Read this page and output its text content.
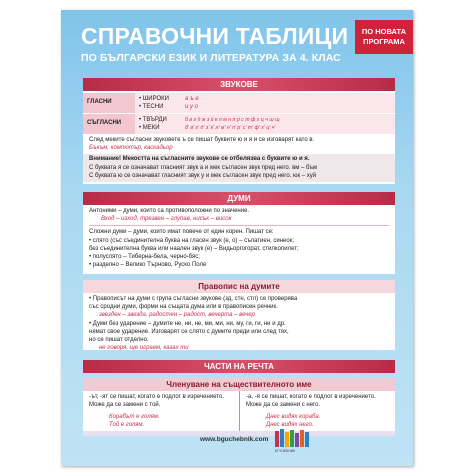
СПРАВОЧНИ ТАБЛИЦИ
ПО БЪЛГАРСКИ ЕЗИК И ЛИТЕРАТУРА ЗА 4. КЛАС
ПО НОВАТА
ПРОГРАМА
ЗВУКОВЕ
ГЛАСНИ	• ШИРОКИ
• ТЕСНИ
а ъ е
и у о
СЪГЛАСНИ	• ТВЪРДИ
• МЕКИ
б в г д ж з й к л м н п р с т ф х ц ч ш щ
б' в' г' д' з' к' л' м' н' п' р' с' т' ф' х' ц' ч'
След меките съгласни звуковете ъ се пишат буквите ю и я и се изговарят като в.
Бъкъм, компютър, каскадьор
Внимание! Мекостта на съгласните звукове се отбелязва с буквите ю и я.
С буквата я се означават гласният звук а и мек съгласен звук пред него. вм – бъм
С буквата ю се означават гласният звук у и мек съгласен звук пред него. юк – хуй
ДУМИ
Антоними – думи, които са противоположни по значение.
Вход – изход, трезвен – глупав, нисък – висок
Сложни думи – думи, които имат повече от един корен. Пишат се:
• слято (със съединителна буква на гласен звук (е, о) – съпатиен, синеок;
без съединителна буква или наален звук (е) – Видьоргогорат, стилкопилет;
• полуслято – Тиберна-бела, черно-бяс;
• разделно – Велико Търново, Руско Поле
Правопис на думите
• Правописът на думи с група съгласни звукове (зд, стн, стл) се проверява
със сродни думи, форми на същата дума или в правописен речник.
звезден – звезда, радостен – радост, вечерта – вечер
• Думи без ударение – думите не, ни, не, ми, ми, ни, му, ги, ги, ни и др.
нямат свое ударение. Изговарят се слято с думите преди или след тях,
но се пишат отделно.
не говоря, ще играем, казах ти
ЧАСТИ НА РЕЧТА
Членуване на съществителното име
-ът, -ят се пишат, когато е подлог в изречението.
Може да се замени с той.
Корабът е голям.
Той е голям.
-а, -я се пишат, когато е подлог в изречението.
Може да се замени с него.
Днес видях кораба.
Днес видях него.
www.bguchebnik.com
БГУЧЕБНИК
